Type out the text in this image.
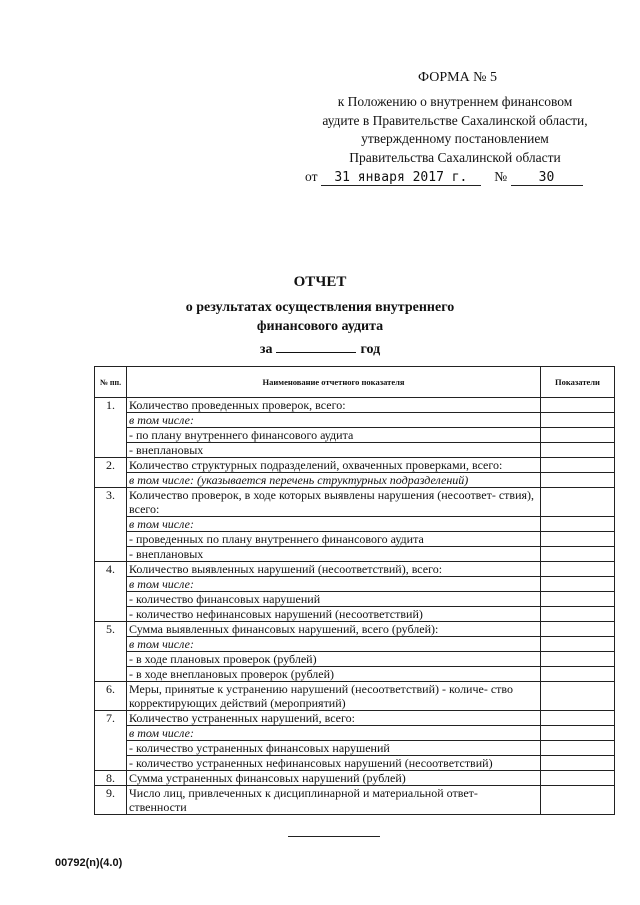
ФОРМА № 5
к Положению о внутреннем финансовом
аудите в Правительстве Сахалинской области,
утвержденному постановлением
Правительства Сахалинской области
от 31 января 2017 г. № 30
ОТЧЕТ
о результатах осуществления внутреннего
финансового аудита
за	год
№ пп.	Наименование отчетного показателя	Показатели
1.	Количество проведенных проверок, всего:
в том числе:
- по плану внутреннего финансового аудита
- внеплановых	

2.	Количество структурных подразделений, охваченных проверками, всего:
в том числе: (указывается перечень структурных подразделений)	

3.	Количество проверок, в ходе которых выявлены нарушения (несоответ- ствия), всего:
в том числе:
- проведенных по плану внутреннего финансового аудита
- внеплановых	

4.	Количество выявленных нарушений (несоответствий), всего:
в том числе:
- количество финансовых нарушений
- количество нефинансовых нарушений (несоответствий)	

5.	Сумма выявленных финансовых нарушений, всего (рублей):
в том числе:
- в ходе плановых проверок (рублей)
- в ходе внеплановых проверок (рублей)	

6.	Меры, принятые к устранению нарушений (несоответствий) - количе- ство корректирующих действий (мероприятий)	

7.	Количество устраненных нарушений, всего:
в том числе:
- количество устраненных финансовых нарушений
- количество устраненных нефинансовых нарушений (несоответствий)	

8.	Сумма устраненных финансовых нарушений (рублей)	

9.	Число лиц, привлеченных к дисциплинарной и материальной ответ- ственности	

00792(n)(4.0)
